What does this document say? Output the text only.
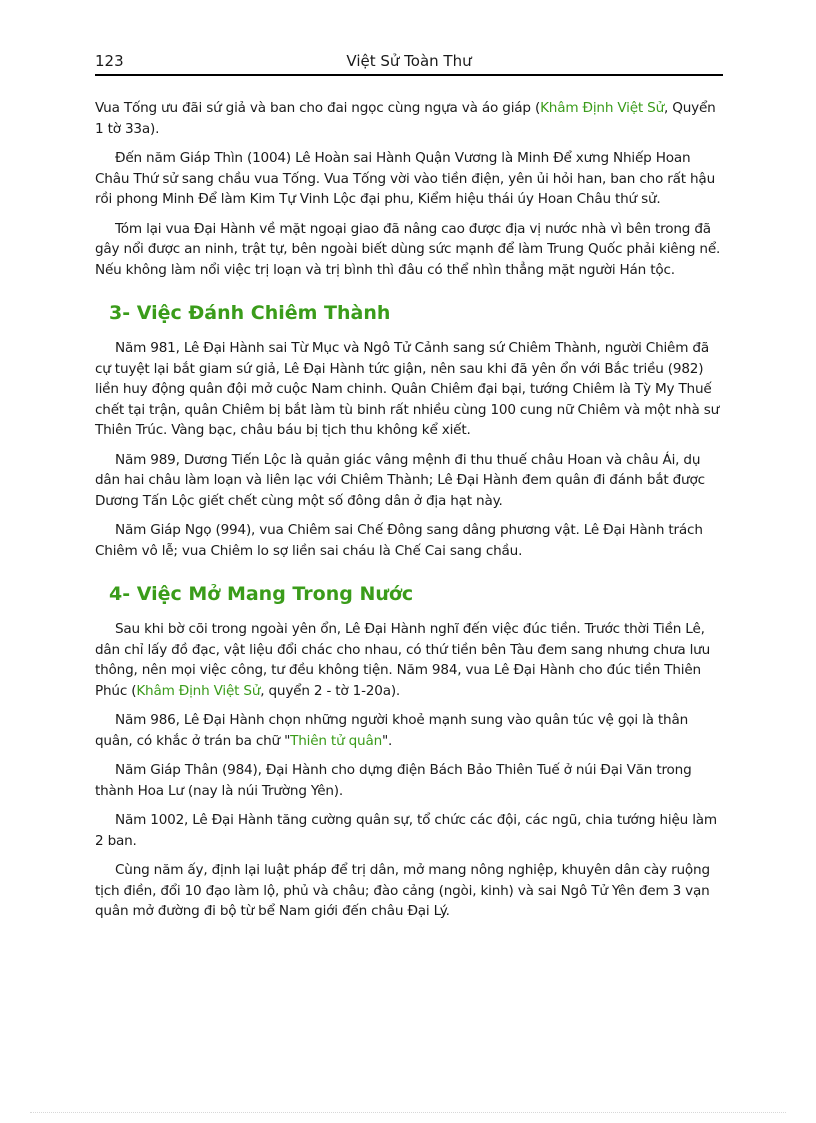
123	Việt Sử Toàn Thư

Vua Tống ưu đãi sứ giả và ban cho đai ngọc cùng ngựa và áo giáp (Khâm Định Việt Sử, Quyển 1 tờ 33a).

Đến năm Giáp Thìn (1004) Lê Hoàn sai Hành Quận Vương là Minh Để xưng Nhiếp Hoan Châu Thứ sử sang chầu vua Tống. Vua Tống vời vào tiền điện, yên ủi hỏi han, ban cho rất hậu rồi phong Minh Để làm Kim Tự Vinh Lộc đại phu, Kiểm hiệu thái úy Hoan Châu thứ sử.

Tóm lại vua Đại Hành về mặt ngoại giao đã nâng cao được địa vị nước nhà vì bên trong đã gây nổi được an ninh, trật tự, bên ngoài biết dùng sức mạnh để làm Trung Quốc phải kiêng nể. Nếu không làm nổi việc trị loạn và trị bình thì đâu có thể nhìn thẳng mặt người Hán tộc.

3- Việc Đánh Chiêm Thành

Năm 981, Lê Đại Hành sai Từ Mục và Ngô Tử Cảnh sang sứ Chiêm Thành, người Chiêm đã cự tuyệt lại bắt giam sứ giả, Lê Đại Hành tức giận, nên sau khi đã yên ổn với Bắc triều (982) liền huy động quân đội mở cuộc Nam chinh. Quân Chiêm đại bại, tướng Chiêm là Tỳ My Thuế chết tại trận, quân Chiêm bị bắt làm tù binh rất nhiều cùng 100 cung nữ Chiêm và một nhà sư Thiên Trúc. Vàng bạc, châu báu bị tịch thu không kể xiết.

Năm 989, Dương Tiến Lộc là quản giác vâng mệnh đi thu thuế châu Hoan và châu Ái, dụ dân hai châu làm loạn và liên lạc với Chiêm Thành; Lê Đại Hành đem quân đi đánh bắt được Dương Tấn Lộc giết chết cùng một số đông dân ở địa hạt này.

Năm Giáp Ngọ (994), vua Chiêm sai Chế Đông sang dâng phương vật. Lê Đại Hành trách Chiêm vô lễ; vua Chiêm lo sợ liền sai cháu là Chế Cai sang chầu.

4- Việc Mở Mang Trong Nước

Sau khi bờ cõi trong ngoài yên ổn, Lê Đại Hành nghĩ đến việc đúc tiền. Trước thời Tiền Lê, dân chỉ lấy đồ đạc, vật liệu đổi chác cho nhau, có thứ tiền bên Tàu đem sang nhưng chưa lưu thông, nên mọi việc công, tư đều không tiện. Năm 984, vua Lê Đại Hành cho đúc tiền Thiên Phúc (Khâm Định Việt Sử, quyển 2 - tờ 1-20a).

Năm 986, Lê Đại Hành chọn những người khoẻ mạnh sung vào quân túc vệ gọi là thân quân, có khắc ở trán ba chữ "Thiên tử quân".

Năm Giáp Thân (984), Đại Hành cho dựng điện Bách Bảo Thiên Tuế ở núi Đại Văn trong thành Hoa Lư (nay là núi Trường Yên).

Năm 1002, Lê Đại Hành tăng cường quân sự, tổ chức các đội, các ngũ, chia tướng hiệu làm 2 ban.

Cùng năm ấy, định lại luật pháp để trị dân, mở mang nông nghiệp, khuyên dân cày ruộng tịch điền, đổi 10 đạo làm lộ, phủ và châu; đào cảng (ngòi, kinh) và sai Ngô Tử Yên đem 3 vạn quân mở đường đi bộ từ bể Nam giới đến châu Đại Lý.
